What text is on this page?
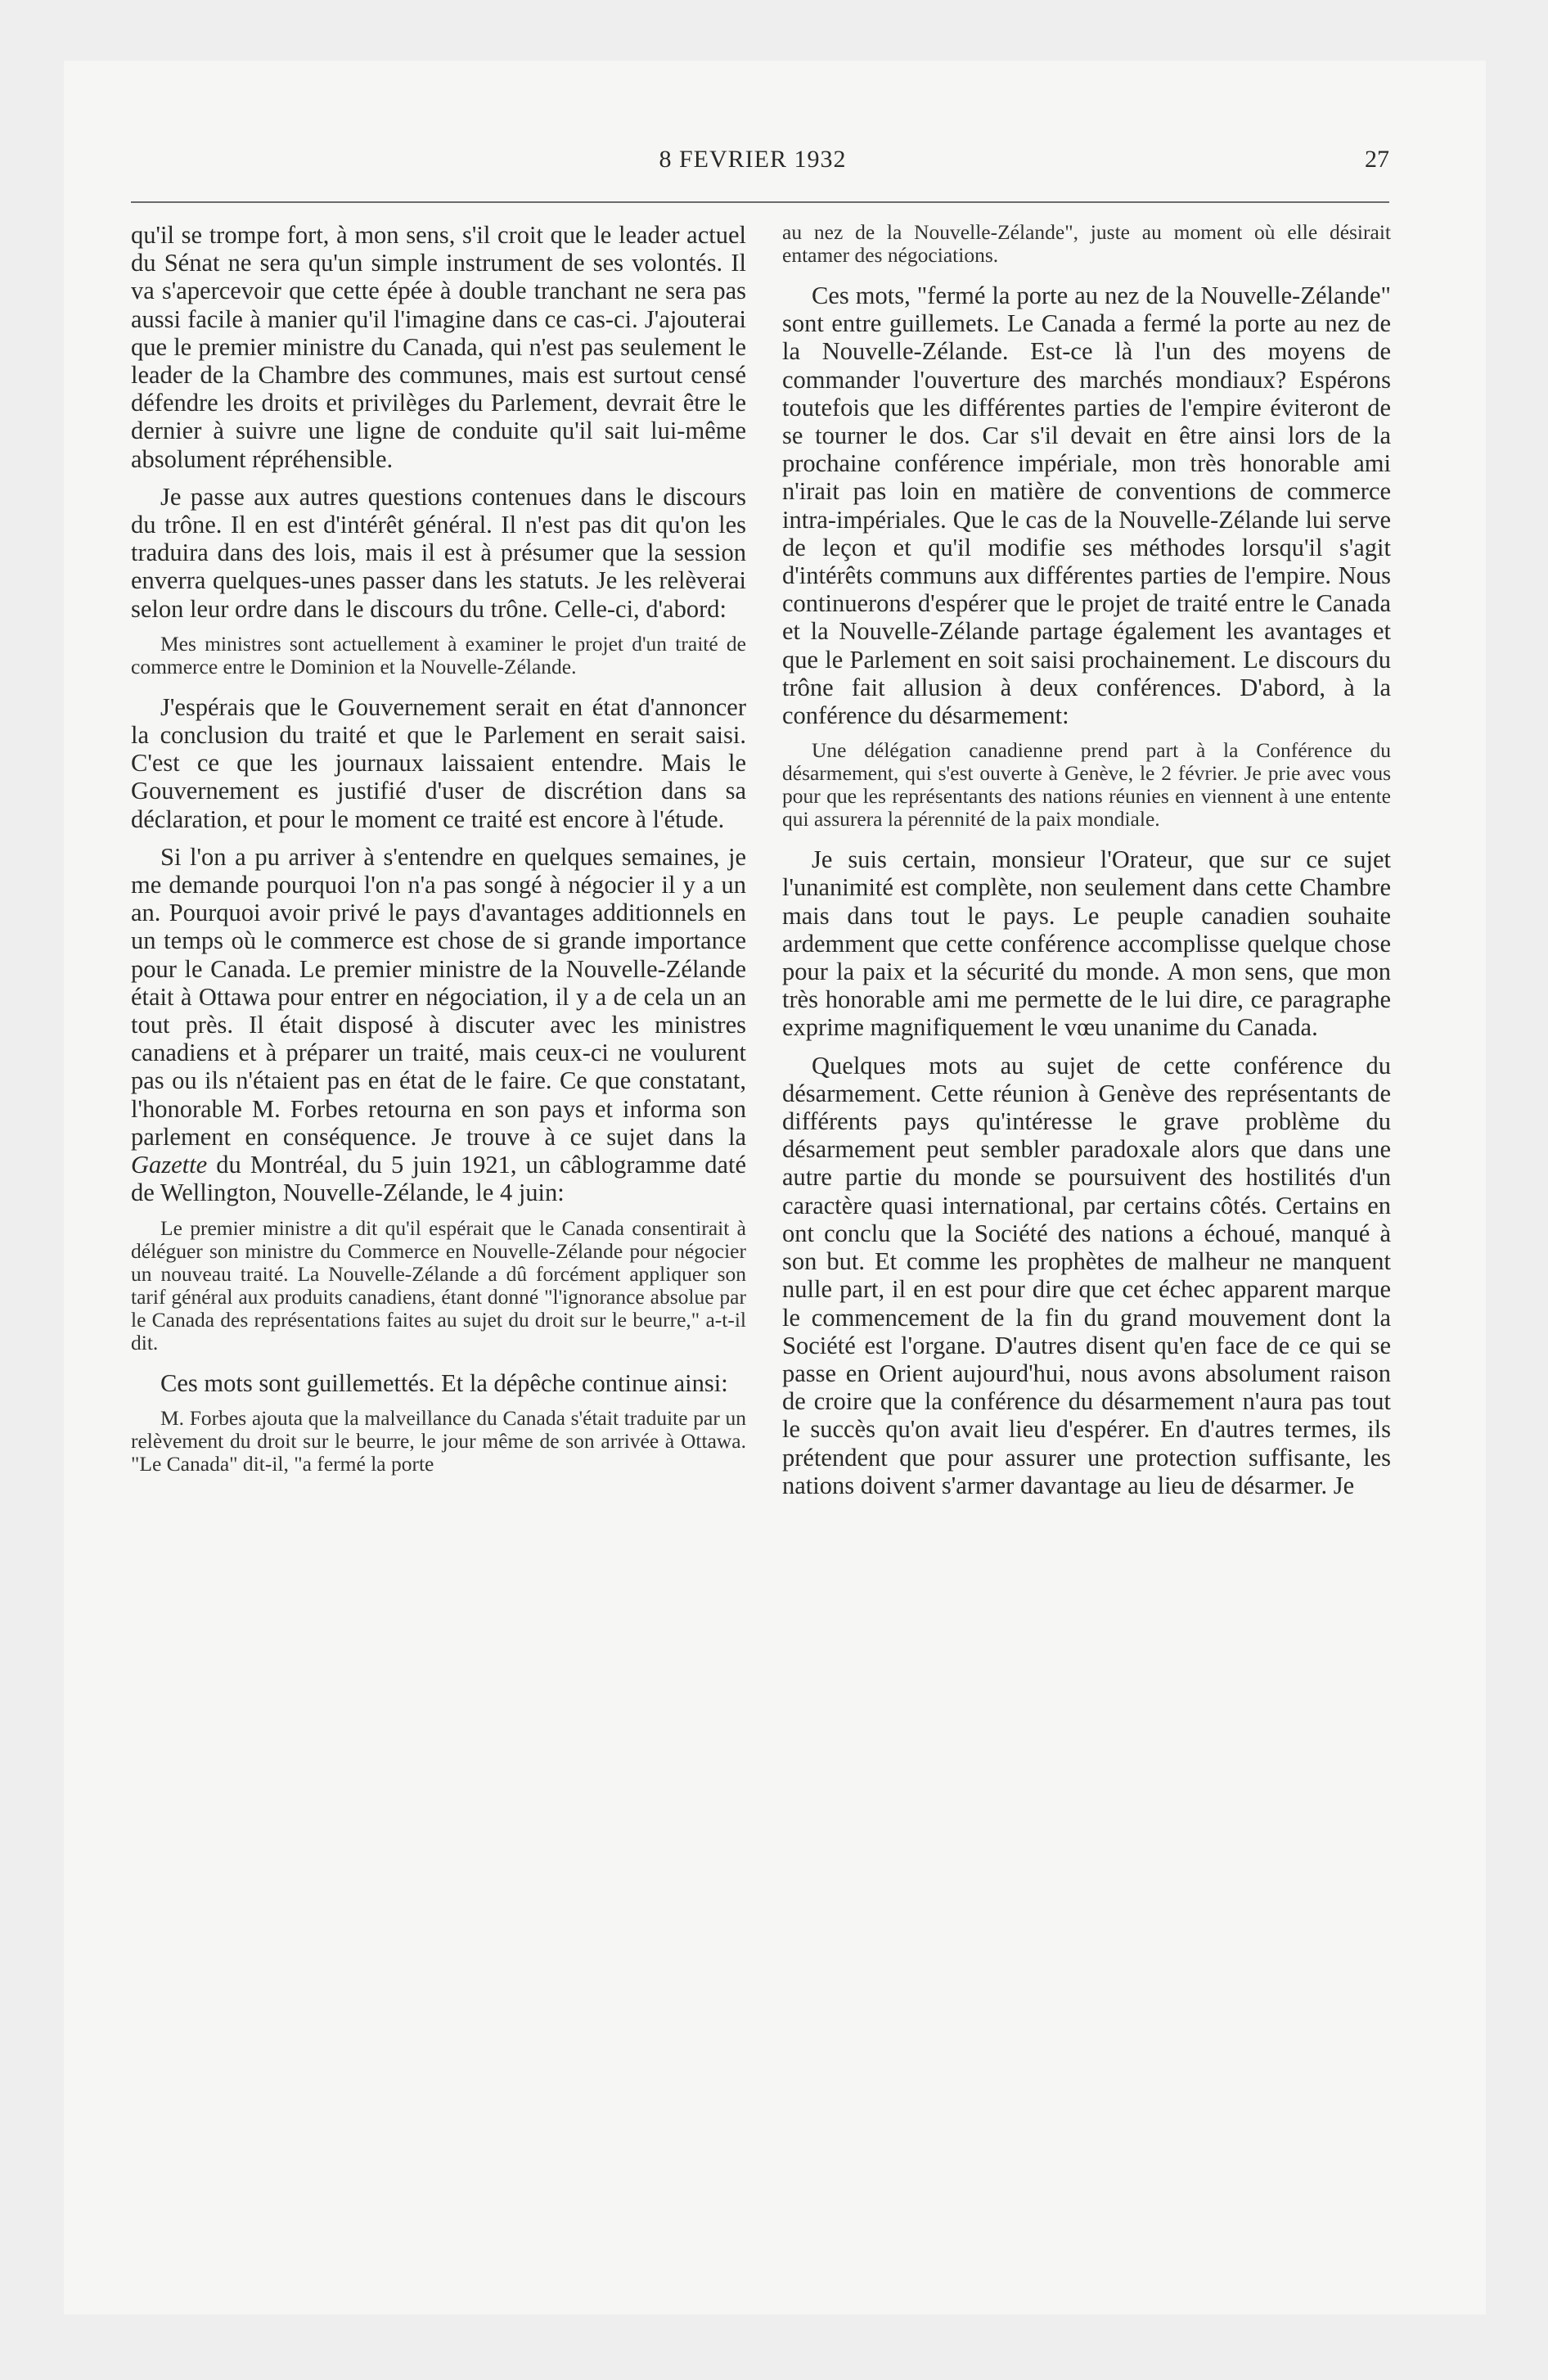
8 FEVRIER 1932	27

qu'il se trompe fort, à mon sens, s'il croit que le leader actuel du Sénat ne sera qu'un simple instrument de ses volontés. Il va s'apercevoir que cette épée à double tranchant ne sera pas aussi facile à manier qu'il l'imagine dans ce cas-ci. J'ajouterai que le premier ministre du Canada, qui n'est pas seulement le leader de la Chambre des communes, mais est surtout censé défendre les droits et privilèges du Parlement, devrait être le dernier à suivre une ligne de conduite qu'il sait lui-même absolument répréhensible.

Je passe aux autres questions contenues dans le discours du trône. Il en est d'intérêt général. Il n'est pas dit qu'on les traduira dans des lois, mais il est à présumer que la session enverra quelques-unes passer dans les statuts. Je les relèverai selon leur ordre dans le discours du trône. Celle-ci, d'abord:

Mes ministres sont actuellement à examiner le projet d'un traité de commerce entre le Dominion et la Nouvelle-Zélande.

J'espérais que le Gouvernement serait en état d'annoncer la conclusion du traité et que le Parlement en serait saisi. C'est ce que les journaux laissaient entendre. Mais le Gouvernement es justifié d'user de discrétion dans sa déclaration, et pour le moment ce traité est encore à l'étude.

Si l'on a pu arriver à s'entendre en quelques semaines, je me demande pourquoi l'on n'a pas songé à négocier il y a un an. Pourquoi avoir privé le pays d'avantages additionnels en un temps où le commerce est chose de si grande importance pour le Canada. Le premier ministre de la Nouvelle-Zélande était à Ottawa pour entrer en négociation, il y a de cela un an tout près. Il était disposé à discuter avec les ministres canadiens et à préparer un traité, mais ceux-ci ne voulurent pas ou ils n'étaient pas en état de le faire. Ce que constatant, l'honorable M. Forbes retourna en son pays et informa son parlement en conséquence. Je trouve à ce sujet dans la Gazette du Montréal, du 5 juin 1921, un câblogramme daté de Wellington, Nouvelle-Zélande, le 4 juin:

Le premier ministre a dit qu'il espérait que le Canada consentirait à déléguer son ministre du Commerce en Nouvelle-Zélande pour négocier un nouveau traité. La Nouvelle-Zélande a dû forcément appliquer son tarif général aux produits canadiens, étant donné "l'ignorance absolue par le Canada des représentations faites au sujet du droit sur le beurre," a-t-il dit.

Ces mots sont guillemettés. Et la dépêche continue ainsi:

M. Forbes ajouta que la malveillance du Canada s'était traduite par un relèvement du droit sur le beurre, le jour même de son arrivée à Ottawa. "Le Canada" dit-il, "a fermé la porte

au nez de la Nouvelle-Zélande", juste au moment où elle désirait entamer des négociations.

Ces mots, "fermé la porte au nez de la Nouvelle-Zélande" sont entre guillemets. Le Canada a fermé la porte au nez de la Nouvelle-Zélande. Est-ce là l'un des moyens de commander l'ouverture des marchés mondiaux? Espérons toutefois que les différentes parties de l'empire éviteront de se tourner le dos. Car s'il devait en être ainsi lors de la prochaine conférence impériale, mon très honorable ami n'irait pas loin en matière de conventions de commerce intra-impériales. Que le cas de la Nouvelle-Zélande lui serve de leçon et qu'il modifie ses méthodes lorsqu'il s'agit d'intérêts communs aux différentes parties de l'empire. Nous continuerons d'espérer que le projet de traité entre le Canada et la Nouvelle-Zélande partage également les avantages et que le Parlement en soit saisi prochainement. Le discours du trône fait allusion à deux conférences. D'abord, à la conférence du désarmement:

Une délégation canadienne prend part à la Conférence du désarmement, qui s'est ouverte à Genève, le 2 février. Je prie avec vous pour que les représentants des nations réunies en viennent à une entente qui assurera la pérennité de la paix mondiale.

Je suis certain, monsieur l'Orateur, que sur ce sujet l'unanimité est complète, non seulement dans cette Chambre mais dans tout le pays. Le peuple canadien souhaite ardemment que cette conférence accomplisse quelque chose pour la paix et la sécurité du monde. A mon sens, que mon très honorable ami me permette de le lui dire, ce paragraphe exprime magnifiquement le vœu unanime du Canada.

Quelques mots au sujet de cette conférence du désarmement. Cette réunion à Genève des représentants de différents pays qu'intéresse le grave problème du désarmement peut sembler paradoxale alors que dans une autre partie du monde se poursuivent des hostilités d'un caractère quasi international, par certains côtés. Certains en ont conclu que la Société des nations a échoué, manqué à son but. Et comme les prophètes de malheur ne manquent nulle part, il en est pour dire que cet échec apparent marque le commencement de la fin du grand mouvement dont la Société est l'organe. D'autres disent qu'en face de ce qui se passe en Orient aujourd'hui, nous avons absolument raison de croire que la conférence du désarmement n'aura pas tout le succès qu'on avait lieu d'espérer. En d'autres termes, ils prétendent que pour assurer une protection suffisante, les nations doivent s'armer davantage au lieu de désarmer. Je
